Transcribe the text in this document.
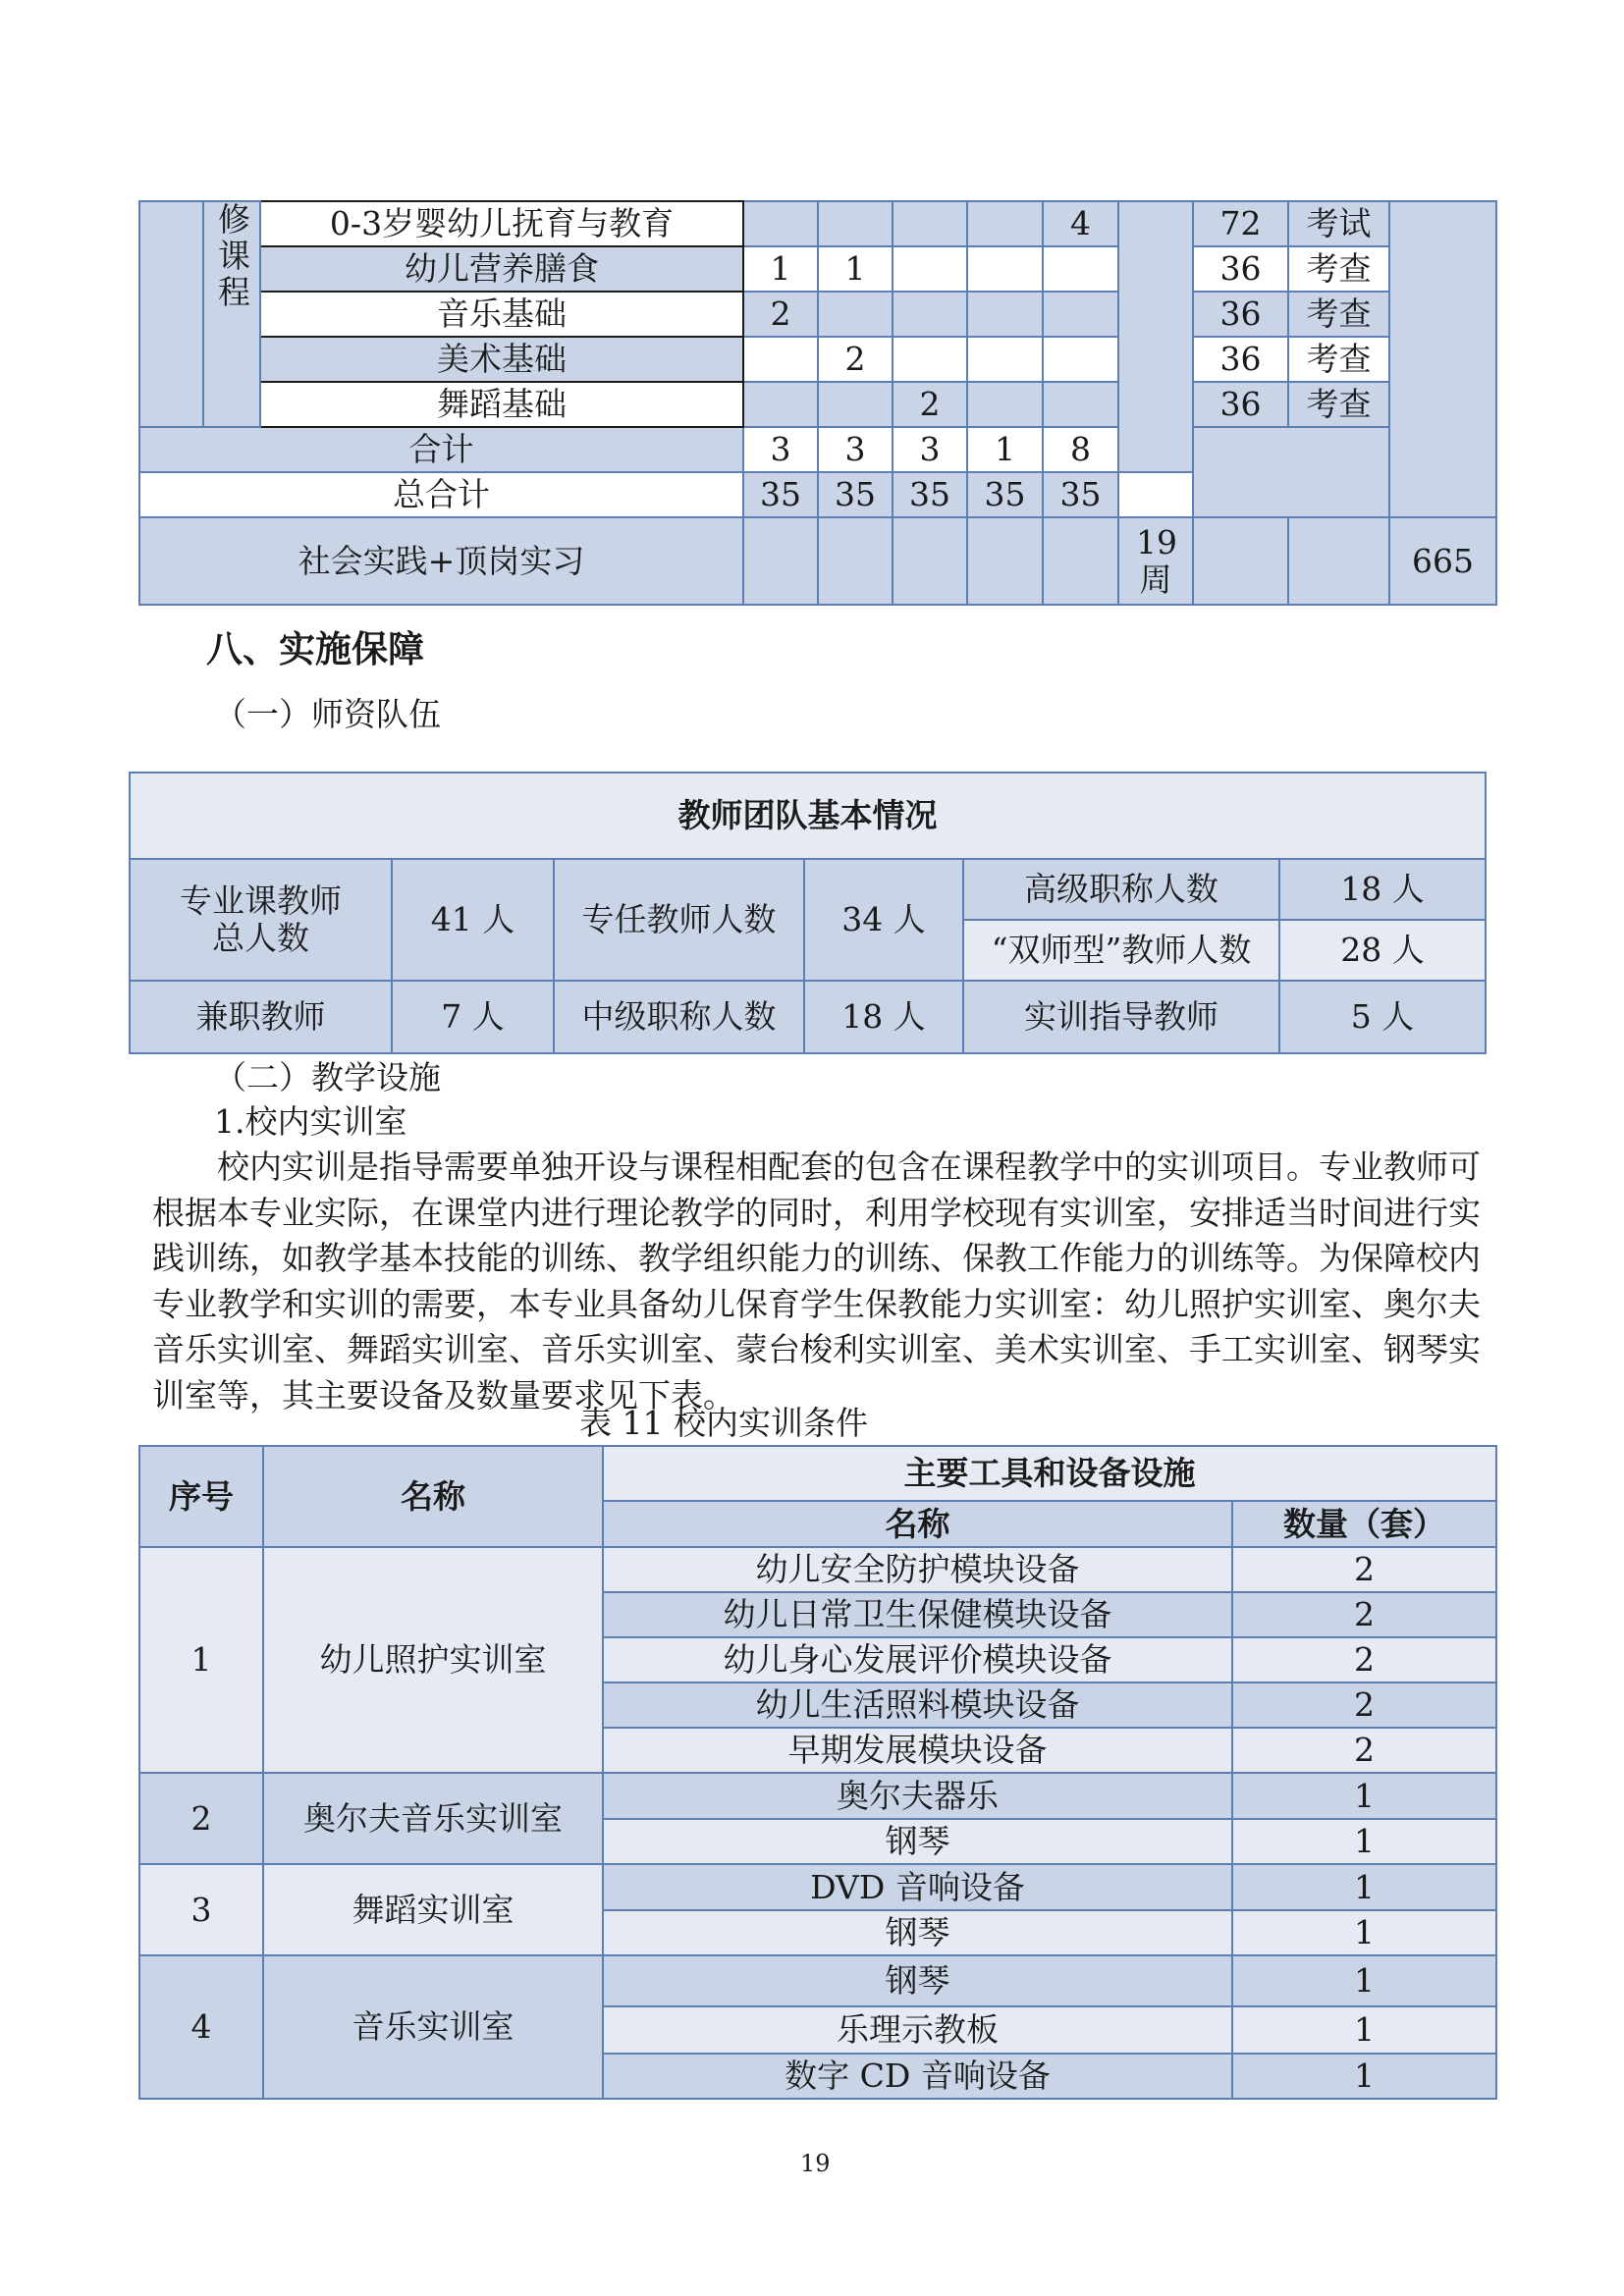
	修课程	0-3岁婴幼儿抚育与教育					4		72	考试	
		幼儿营养膳食	1	1					36	考查	
		音乐基础	2						36	考查	
		美术基础		2					36	考查	
		舞蹈基础			2				36	考查	
合计			3	3	3	1	8				
总合计			35	35	35	35	35				
社会实践+顶岗实习								19周			665
八、实施保障
（一）师资队伍
教师团队基本情况					

专业课教师总人数	41 人	专任教师人数	34 人	高级职称人数	18 人
				“双师型”教师人数	28 人
兼职教师	7 人	中级职称人数	18 人	实训指导教师	5 人
（二）教学设施
1.校内实训室
校内实训是指导需要单独开设与课程相配套的包含在课程教学中的实训项目。专业教师可
根据本专业实际，在课堂内进行理论教学的同时，利用学校现有实训室，安排适当时间进行实
践训练，如教学基本技能的训练、教学组织能力的训练、保教工作能力的训练等。为保障校内
专业教学和实训的需要，本专业具备幼儿保育学生保教能力实训室：幼儿照护实训室、奥尔夫
音乐实训室、舞蹈实训室、音乐实训室、蒙台梭利实训室、美术实训室、手工实训室、钢琴实
训室等，其主要设备及数量要求见下表。
表 11 校内实训条件
序号	名称	主要工具和设备设施	
		名称	数量（套）
1	幼儿照护实训室	幼儿安全防护模块设备	2
		幼儿日常卫生保健模块设备	2
		幼儿身心发展评价模块设备	2
		幼儿生活照料模块设备	2
		早期发展模块设备	2
2	奥尔夫音乐实训室	奥尔夫器乐	1
		钢琴	1
3	舞蹈实训室	DVD 音响设备	1
		钢琴	1
4	音乐实训室	钢琴	1
		乐理示教板	1
		数字 CD 音响设备	1
19
